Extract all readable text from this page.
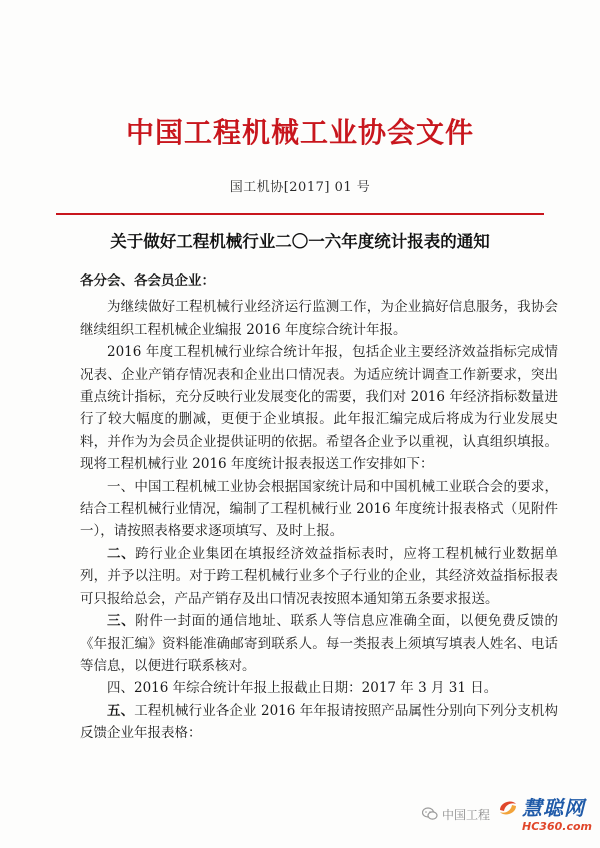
中国工程机械工业协会文件
国工机协[2017] 01 号
关于做好工程机械行业二〇一六年度统计报表的通知

各分会、各会员企业：

为继续做好工程机械行业经济运行监测工作，为企业搞好信息服务，我协会继续组织工程机械企业编报 2016 年度综合统计年报。

2016 年度工程机械行业综合统计年报，包括企业主要经济效益指标完成情况表、企业产销存情况表和企业出口情况表。为适应统计调查工作新要求，突出重点统计指标，充分反映行业发展变化的需要，我们对 2016 年经济指标数量进行了较大幅度的删减，更便于企业填报。此年报汇编完成后将成为行业发展史料，并作为为会员企业提供证明的依据。希望各企业予以重视，认真组织填报。现将工程机械行业 2016 年度统计报表报送工作安排如下：

一、中国工程机械工业协会根据国家统计局和中国机械工业联合会的要求，结合工程机械行业情况，编制了工程机械行业 2016 年度统计报表格式（见附件一），请按照表格要求逐项填写、及时上报。

二、跨行业企业集团在填报经济效益指标表时，应将工程机械行业数据单列，并予以注明。对于跨工程机械行业多个子行业的企业，其经济效益指标报表可只报给总会，产品产销存及出口情况表按照本通知第五条要求报送。

三、附件一封面的通信地址、联系人等信息应准确全面，以便免费反馈的《年报汇编》资料能准确邮寄到联系人。每一类报表上须填写填表人姓名、电话等信息，以便进行联系核对。

四、2016 年综合统计年报上报截止日期：2017 年 3 月 31 日。

五、工程机械行业各企业 2016 年年报请按照产品属性分别向下列分支机构反馈企业年报表格：

中国工程 慧聪网
HC360.com
